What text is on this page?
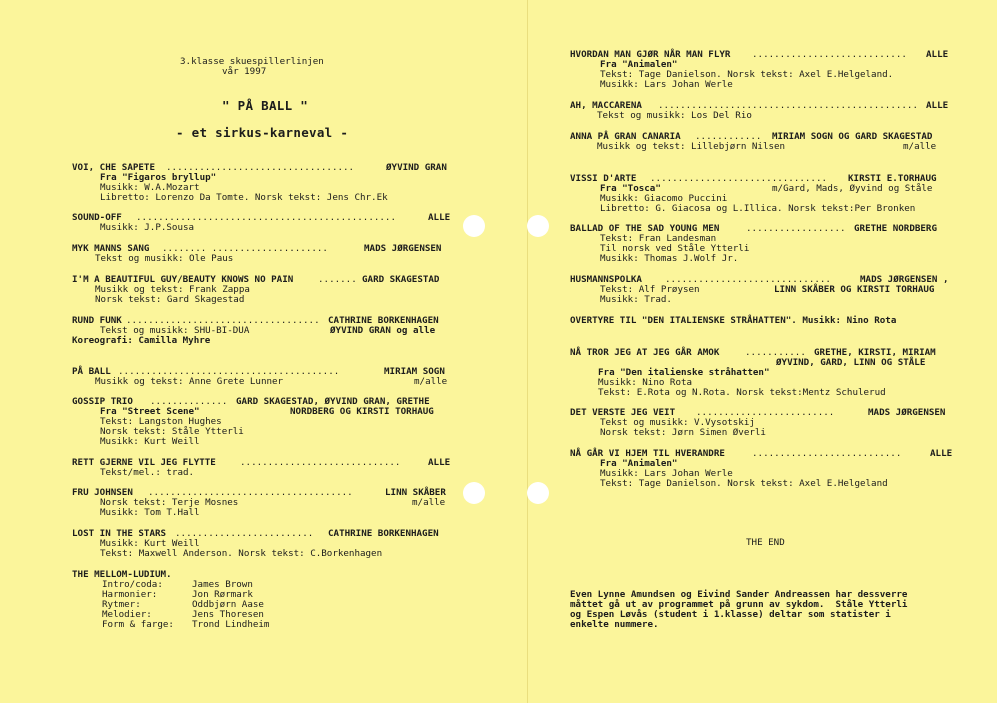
3.klasse skuespillerlinjen
vår 1997
" PÅ BALL "
- et sirkus-karneval -
VOI, CHE SAPETE ..................................	ØYVIND GRAN
Fra "Figaros bryllup"
Musikk: W.A.Mozart
Libretto: Lorenzo Da Tomte. Norsk tekst: Jens Chr.Ek
SOUND-OFF ...............................................	ALLE
Musikk: J.P.Sousa
MYK MANNS SANG ........ .....................	MADS JØRGENSEN
Tekst og musikk: Ole Paus
I'M A BEAUTIFUL GUY/BEAUTY KNOWS NO PAIN	....... GARD SKAGESTAD
Musikk og tekst: Frank Zappa
Norsk tekst: Gard Skagestad
RUND FUNK ................................... CATHRINE BORKENHAGEN
Tekst og musikk: SHU-BI-DUA	ØYVIND GRAN og alle
Koreografi: Camilla Myhre
PÅ BALL ........................................	MIRIAM SOGN
Musikk og tekst: Anne Grete Lunner	m/alle
GOSSIP TRIO .............. GARD SKAGESTAD, ØYVIND GRAN, GRETHE
Fra "Street Scene"	NORDBERG OG KIRSTI TORHAUG
Tekst: Langston Hughes
Norsk tekst: Ståle Ytterli
Musikk: Kurt Weill
RETT GJERNE VIL JEG FLYTTE	.............................	ALLE
Tekst/mel.: trad.
FRU JOHNSEN .....................................	LINN SKÅBER
Norsk tekst: Terje Mosnes	m/alle
Musikk: Tom T.Hall
LOST IN THE STARS ......................... CATHRINE BORKENHAGEN
Musikk: Kurt Weill
Tekst: Maxwell Anderson. Norsk tekst: C.Borkenhagen
THE MELLOM-LUDIUM.
Intro/coda:	James Brown
Harmonier:	Jon Rørmark
Rytmer:	Oddbjørn Aase
Melodier:	Jens Thoresen
Form & farge: Trond Lindheim
HVORDAN MAN GJØR NÅR MAN FLYR ............................ ALLE
Fra "Animalen"
Tekst: Tage Danielson. Norsk tekst: Axel E.Helgeland.
Musikk: Lars Johan Werle
AH, MACCARENA ............................................... ALLE
Tekst og musikk: Los Del Rio
ANNA PÅ GRAN CANARIA ............ MIRIAM SOGN OG GARD SKAGESTAD
Musikk og tekst: Lillebjørn Nilsen	m/alle
VISSI D'ARTE ................................ KIRSTI E.TORHAUG
Fra "Tosca"	m/Gard, Mads, Øyvind og Ståle
Musikk: Giacomo Puccini
Libretto: G. Giacosa og L.Illica. Norsk tekst:Per Bronken
BALLAD OF THE SAD YOUNG MEN	.................. GRETHE NORDBERG
Tekst: Fran Landesman
Til norsk ved Ståle Ytterli
Musikk: Thomas J.Wolf Jr.
HUSMANNSPOLKA	..............................	MADS JØRGENSEN ,
Tekst: Alf Prøysen	LINN SKÅBER OG KIRSTI TORHAUG
Musikk: Trad.
OVERTYRE TIL "DEN ITALIENSKE STRÅHATTEN". Musikk: Nino Rota
NÅ TROR JEG AT JEG GÅR AMOK	........... GRETHE, KIRSTI, MIRIAM
ØYVIND, GARD, LINN OG STÅLE
Fra "Den italienske stråhatten"
Musikk: Nino Rota
Tekst: E.Rota og N.Rota. Norsk tekst:Mentz Schulerud
DET VERSTE JEG VEIT .........................	MADS JØRGENSEN
Tekst og musikk: V.Vysotskij
Norsk tekst: Jørn Simen Øverli
NÅ GÅR VI HJEM TIL HVERANDRE	...........................	ALLE
Fra "Animalen"
Musikk: Lars Johan Werle
Tekst: Tage Danielson. Norsk tekst: Axel E.Helgeland
THE END
Even Lynne Amundsen og Eivind Sander Andreassen har dessverre
måttet gå ut av programmet på grunn av sykdom.  Ståle Ytterli
og Espen Løvås (student i 1.klasse) deltar som statister i
enkelte nummere.
